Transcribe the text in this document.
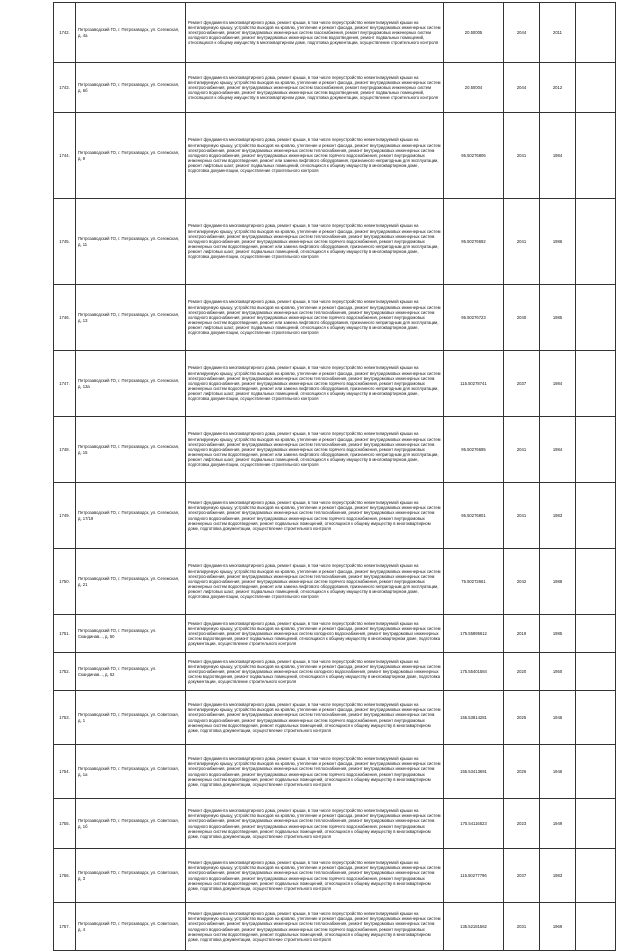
1742.	Петрозаводский ГО, г. Петрозаводск, ул. Сегежская, д. 4а	Ремонт фундамента многоквартирного дома, ремонт крыши, в том числе переустройство невентилируемой крыши на вентилируемую крышу, устройство выходов на кровлю, утепление и ремонт фасада, ремонт внутридомовых инженерных систем электроснабжения, ремонт внутридомовых инженерных систем газоснабжения, ремонт внутридомовых инженерных систем холодного водоснабжения, ремонт внутридомовых инженерных систем водоотведения, ремонт подвальных помещений, относящихся к общему имуществу в многоквартирном доме, подготовка документации, осуществление строительного контроля	20.50005	2044	2011	
1743.	Петрозаводский ГО, г. Петрозаводск, ул. Сегежская, д. 6б	Ремонт фундамента многоквартирного дома, ремонт крыши, в том числе переустройство невентилируемой крыши на вентилируемую крышу, устройство выходов на кровлю, утепление и ремонт фасада, ремонт внутридомовых инженерных систем электроснабжения, ремонт внутридомовых инженерных систем газоснабжения, ремонт внутридомовых инженерных систем холодного водоснабжения, ремонт внутридомовых инженерных систем водоотведения, ремонт подвальных помещений, относящихся к общему имуществу в многоквартирном доме, подготовка документации, осуществление строительного контроля	20.50004	2044	2012	
1744.	Петрозаводский ГО, г. Петрозаводск, ул. Сегежская, д. 9	Ремонт фундамента многоквартирного дома, ремонт крыши, в том числе переустройство невентилируемой крыши на вентилируемую крышу, устройство выходов на кровлю, утепление и ремонт фасада, ремонт внутридомовых инженерных систем электроснабжения, ремонт внутридомовых инженерных систем теплоснабжения, ремонт внутридомовых инженерных систем холодного водоснабжения, ремонт внутридомовых инженерных систем горячего водоснабжения, ремонт внутридомовых инженерных систем водоотведения, ремонт или замена лифтового оборудования, признанного непригодным для эксплуатации, ремонт лифтовых шахт, ремонт подвальных помещений, относящихся к общему имуществу в многоквартирном доме, подготовка документации, осуществление строительного контроля	95.50276806	2041	1984	
1745.	Петрозаводский ГО, г. Петрозаводск, ул. Сегежская, д. 11	Ремонт фундамента многоквартирного дома, ремонт крыши, в том числе переустройство невентилируемой крыши на вентилируемую крышу, устройство выходов на кровлю, утепление и ремонт фасада, ремонт внутридомовых инженерных систем электроснабжения, ремонт внутридомовых инженерных систем теплоснабжения, ремонт внутридомовых инженерных систем холодного водоснабжения, ремонт внутридомовых инженерных систем горячего водоснабжения, ремонт внутридомовых инженерных систем водоотведения, ремонт или замена лифтового оборудования, признанного непригодным для эксплуатации, ремонт лифтовых шахт, ремонт подвальных помещений, относящихся к общему имуществу в многоквартирном доме, подготовка документации, осуществление строительного контроля	95.50276692	2041	1986	
1746.	Петрозаводский ГО, г. Петрозаводск, ул. Сегежская, д. 13	Ремонт фундамента многоквартирного дома, ремонт крыши, в том числе переустройство невентилируемой крыши на вентилируемую крышу, устройство выходов на кровлю, утепление и ремонт фасада, ремонт внутридомовых инженерных систем электроснабжения, ремонт внутридомовых инженерных систем теплоснабжения, ремонт внутридомовых инженерных систем холодного водоснабжения, ремонт внутридомовых инженерных систем горячего водоснабжения, ремонт внутридомовых инженерных систем водоотведения, ремонт или замена лифтового оборудования, признанного непригодным для эксплуатации, ремонт лифтовых шахт, ремонт подвальных помещений, относящихся к общему имуществу в многоквартирном доме, подготовка документации, осуществление строительного контроля	95.50276723	2040	1985	
1747.	Петрозаводский ГО, г. Петрозаводск, ул. Сегежская, д. 13а	Ремонт фундамента многоквартирного дома, ремонт крыши, в том числе переустройство невентилируемой крыши на вентилируемую крышу, устройство выходов на кровлю, утепление и ремонт фасада, ремонт внутридомовых инженерных систем электроснабжения, ремонт внутридомовых инженерных систем теплоснабжения, ремонт внутридомовых инженерных систем холодного водоснабжения, ремонт внутридомовых инженерных систем горячего водоснабжения, ремонт внутридомовых инженерных систем водоотведения, ремонт или замена лифтового оборудования, признанного непригодным для эксплуатации, ремонт лифтовых шахт, ремонт подвальных помещений, относящихся к общему имуществу в многоквартирном доме, подготовка документации, осуществление строительного контроля	115.50278741	2037	1984	
1748.	Петрозаводский ГО, г. Петрозаводск, ул. Сегежская, д. 15	Ремонт фундамента многоквартирного дома, ремонт крыши, в том числе переустройство невентилируемой крыши на вентилируемую крышу, устройство выходов на кровлю, утепление и ремонт фасада, ремонт внутридомовых инженерных систем электроснабжения, ремонт внутридомовых инженерных систем теплоснабжения, ремонт внутридомовых инженерных систем холодного водоснабжения, ремонт внутридомовых инженерных систем горячего водоснабжения, ремонт внутридомовых инженерных систем водоотведения, ремонт или замена лифтового оборудования, признанного непригодным для эксплуатации, ремонт лифтовых шахт, ремонт подвальных помещений, относящихся к общему имуществу в многоквартирном доме, подготовка документации, осуществление строительного контроля	95.50276695	2041	1984	
1749.	Петрозаводский ГО, г. Петрозаводск, ул. Сегежская, д. 17/19	Ремонт фундамента многоквартирного дома, ремонт крыши, в том числе переустройство невентилируемой крыши на вентилируемую крышу, устройство выходов на кровлю, утепление и ремонт фасада, ремонт внутридомовых инженерных систем электроснабжения, ремонт внутридомовых инженерных систем теплоснабжения, ремонт внутридомовых инженерных систем холодного водоснабжения, ремонт внутридомовых инженерных систем горячего водоснабжения, ремонт внутридомовых инженерных систем водоотведения, ремонт подвальных помещений, относящихся к общему имуществу в многоквартирном доме, подготовка документации, осуществление строительного контроля	95.50276801	2041	1983	
1750.	Петрозаводский ГО, г. Петрозаводск, ул. Сегежская, д. 21	Ремонт фундамента многоквартирного дома, ремонт крыши, в том числе переустройство невентилируемой крыши на вентилируемую крышу, устройство выходов на кровлю, утепление и ремонт фасада, ремонт внутридомовых инженерных систем электроснабжения, ремонт внутридомовых инженерных систем теплоснабжения, ремонт внутридомовых инженерных систем холодного водоснабжения, ремонт внутридомовых инженерных систем горячего водоснабжения, ремонт внутридомовых инженерных систем водоотведения, ремонт или замена лифтового оборудования, признанного непригодным для эксплуатации, ремонт лифтовых шахт, ремонт подвальных помещений, относящихся к общему имуществу в многоквартирном доме, подготовка документации, осуществление строительного контроля	75.50272661	2042	1988	
1751.	Петрозаводский ГО, г. Петрозаводск, ул. Скандинав..., д. 50	Ремонт фундамента многоквартирного дома, ремонт крыши, в том числе переустройство невентилируемой крыши на вентилируемую крышу, устройство выходов на кровлю, утепление и ремонт фасада, ремонт внутридомовых инженерных систем электроснабжения, ремонт внутридомовых инженерных систем холодного водоснабжения, ремонт внутридомовых инженерных систем водоотведения, ремонт подвальных помещений, относящихся к общему имуществу в многоквартирном доме, подготовка документации, осуществление строительного контроля	175.55895612	2019	1985	
1752.	Петрозаводский ГО, г. Петрозаводск, ул. Скандинав..., д. 52	Ремонт фундамента многоквартирного дома, ремонт крыши, в том числе переустройство невентилируемой крыши на вентилируемую крышу, устройство выходов на кровлю, утепление и ремонт фасада, ремонт внутридомовых инженерных систем электроснабжения, ремонт внутридомовых инженерных систем холодного водоснабжения, ремонт внутридомовых инженерных систем водоотведения, ремонт подвальных помещений, относящихся к общему имуществу в многоквартирном доме, подготовка документации, осуществление строительного контроля	175.55401584	2020	1950	
1753.	Петрозаводский ГО, г. Петрозаводск, ул. Советская, д. 1	Ремонт фундамента многоквартирного дома, ремонт крыши, в том числе переустройство невентилируемой крыши на вентилируемую крышу, устройство выходов на кровлю, утепление и ремонт фасада, ремонт внутридомовых инженерных систем электроснабжения, ремонт внутридомовых инженерных систем теплоснабжения, ремонт внутридомовых инженерных систем холодного водоснабжения, ремонт внутридомовых инженерных систем горячего водоснабжения, ремонт внутридомовых инженерных систем водоотведения, ремонт подвальных помещений, относящихся к общему имуществу в многоквартирном доме, подготовка документации, осуществление строительного контроля	155.53814281	2025	1946	
1754.	Петрозаводский ГО, г. Петрозаводск, ул. Советская, д. 1а	Ремонт фундамента многоквартирного дома, ремонт крыши, в том числе переустройство невентилируемой крыши на вентилируемую крышу, устройство выходов на кровлю, утепление и ремонт фасада, ремонт внутридомовых инженерных систем электроснабжения, ремонт внутридомовых инженерных систем теплоснабжения, ремонт внутридомовых инженерных систем холодного водоснабжения, ремонт внутридомовых инженерных систем горячего водоснабжения, ремонт внутридомовых инженерных систем водоотведения, ремонт подвальных помещений, относящихся к общему имуществу в многоквартирном доме, подготовка документации, осуществление строительного контроля	155.53413691	2026	1946	
1755.	Петрозаводский ГО, г. Петрозаводск, ул. Советская, д. 1б	Ремонт фундамента многоквартирного дома, ремонт крыши, в том числе переустройство невентилируемой крыши на вентилируемую крышу, устройство выходов на кровлю, утепление и ремонт фасада, ремонт внутридомовых инженерных систем электроснабжения, ремонт внутридомовых инженерных систем теплоснабжения, ремонт внутридомовых инженерных систем холодного водоснабжения, ремонт внутридомовых инженерных систем горячего водоснабжения, ремонт внутридомовых инженерных систем водоотведения, ремонт подвальных помещений, относящихся к общему имуществу в многоквартирном доме, подготовка документации, осуществление строительного контроля	175.54116523	2023	1949	
1756.	Петрозаводский ГО, г. Петрозаводск, ул. Советская, д. 3	Ремонт фундамента многоквартирного дома, ремонт крыши, в том числе переустройство невентилируемой крыши на вентилируемую крышу, устройство выходов на кровлю, утепление и ремонт фасада, ремонт внутридомовых инженерных систем электроснабжения, ремонт внутридомовых инженерных систем теплоснабжения, ремонт внутридомовых инженерных систем холодного водоснабжения, ремонт внутридомовых инженерных систем горячего водоснабжения, ремонт внутридомовых инженерных систем водоотведения, ремонт подвальных помещений, относящихся к общему имуществу в многоквартирном доме, подготовка документации, осуществление строительного контроля	115.50277796	2037	1983	
1757.	Петрозаводский ГО, г. Петрозаводск, ул. Советская, д. 4	Ремонт фундамента многоквартирного дома, ремонт крыши, в том числе переустройство невентилируемой крыши на вентилируемую крышу, устройство выходов на кровлю, утепление и ремонт фасада, ремонт внутридомовых инженерных систем электроснабжения, ремонт внутридомовых инженерных систем теплоснабжения, ремонт внутридомовых инженерных систем холодного водоснабжения, ремонт внутридомовых инженерных систем горячего водоснабжения, ремонт внутридомовых инженерных систем водоотведения, ремонт подвальных помещений, относящихся к общему имуществу в многоквартирном доме, подготовка документации, осуществление строительного контроля	135.52181562	2031	1969	
